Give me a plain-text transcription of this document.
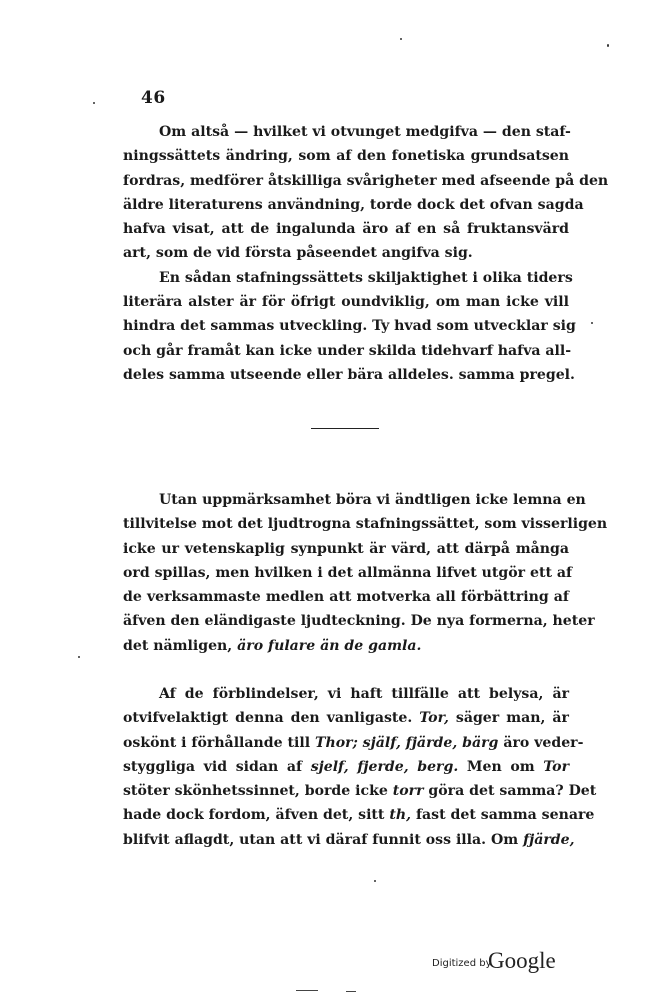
46
Om altså — hvilket vi otvunget medgifva — den staf-
ningssättets ändring, som af den fonetiska grundsatsen
fordras, medförer åtskilliga svårigheter med afseende på den
äldre literaturens användning, torde dock det ofvan sagda
hafva visat, att de ingalunda äro af en så fruktansvärd
art, som de vid första påseendet angifva sig.
En sådan stafningssättets skiljaktighet i olika tiders
literära alster är för öfrigt oundviklig, om man icke vill
hindra det sammas utveckling. Ty hvad som utvecklar sig
och går framåt kan icke under skilda tidehvarf hafva all-
deles samma utseende eller bära alldeles. samma pregel.
Utan uppmärksamhet böra vi ändtligen icke lemna en
tillvitelse mot det ljudtrogna stafningssättet, som visserligen
icke ur vetenskaplig synpunkt är värd, att därpå många
ord spillas, men hvilken i det allmänna lifvet utgör ett af
de verksammaste medlen att motverka all förbättring af
äfven den eländigaste ljudteckning. De nya formerna, heter
det nämligen, äro fulare än de gamla.
Af de förblindelser, vi haft tillfälle att belysa, är
otvifvelaktigt denna den vanligaste. Tor, säger man, är
oskönt i förhållande till Thor; själf, fjärde, bärg äro veder-
styggliga vid sidan af sjelf, fjerde, berg. Men om Tor
stöter skönhetssinnet, borde icke torr göra det samma? Det
hade dock fordom, äfven det, sitt th, fast det samma senare
blifvit aflagdt, utan att vi däraf funnit oss illa. Om fjärde,
Digitized by
Google
